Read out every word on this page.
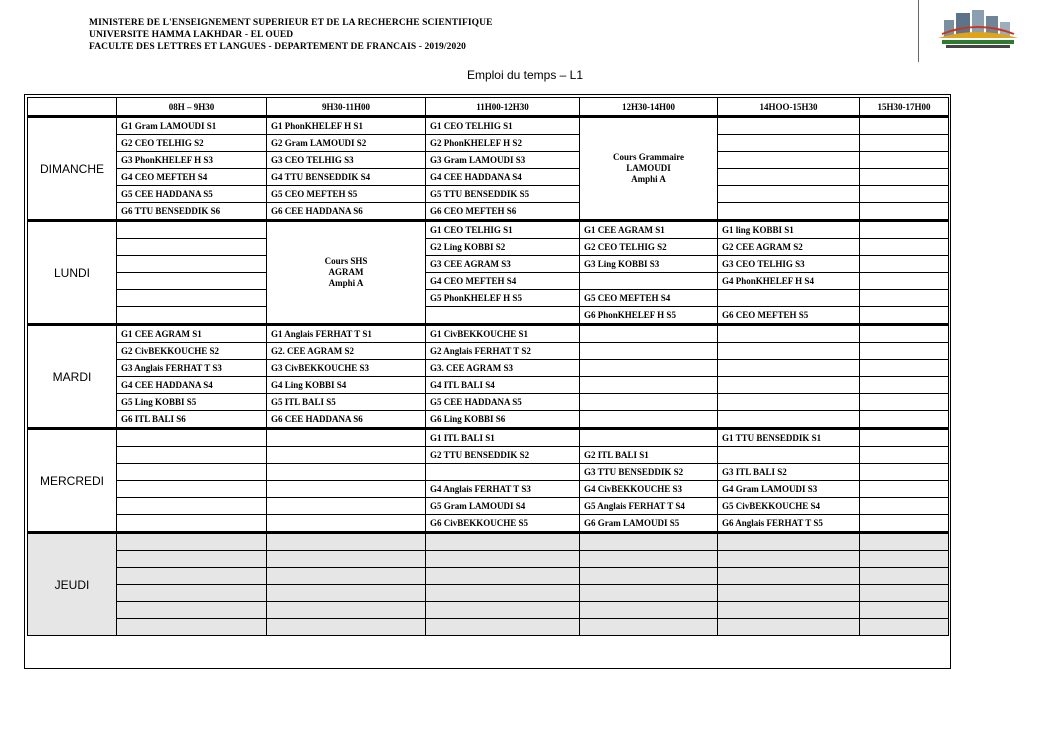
MINISTERE DE L'ENSEIGNEMENT SUPERIEUR ET DE LA RECHERCHE SCIENTIFIQUE
UNIVERSITE HAMMA LAKHDAR - EL OUED
FACULTE DES LETTRES ET LANGUES - DEPARTEMENT DE FRANCAIS - 2019/2020
Emploi du temps – L1
	08H – 9H30	9H30-11H00	11H00-12H30	12H30-14H00	14HOO-15H30	15H30-17H00
DIMANCHE	G1 Gram LAMOUDI S1	G1 PhonKHELEF H S1	G1 CEO TELHIG S1	Cours Grammaire
LAMOUDI
Amphi A		

	G2 CEO TELHIG S2	G2 Gram LAMOUDI S2	G2 PhonKHELEF H S2			
	G3 PhonKHELEF H S3	G3 CEO TELHIG S3	G3 Gram LAMOUDI S3			
	G4 CEO MEFTEH S4	G4 TTU BENSEDDIK S4	G4 CEE HADDANA S4			
	G5 CEE HADDANA S5	G5 CEO MEFTEH S5	G5 TTU BENSEDDIK S5			
	G6 TTU BENSEDDIK S6	G6 CEE HADDANA S6	G6 CEO MEFTEH S6			
LUNDI		Cours SHS
AGRAM
Amphi A	G1 CEO TELHIG S1	G1 CEE AGRAM S1	G1 ling KOBBI S1	
			G2 Ling KOBBI S2	G2 CEO TELHIG S2	G2 CEE AGRAM S2	
			G3 CEE AGRAM S3	G3 Ling KOBBI S3	G3 CEO TELHIG S3	
			G4 CEO MEFTEH S4		G4 PhonKHELEF H S4	
			G5 PhonKHELEF H S5	G5 CEO MEFTEH S4		
				G6 PhonKHELEF H S5	G6 CEO MEFTEH S5	
MARDI	G1 CEE AGRAM S1	G1 Anglais FERHAT T S1	G1 CivBEKKOUCHE S1			
	G2 CivBEKKOUCHE S2	G2. CEE AGRAM S2	G2 Anglais FERHAT T S2			
	G3 Anglais FERHAT T S3	G3 CivBEKKOUCHE S3	G3. CEE AGRAM S3			
	G4 CEE HADDANA S4	G4 Ling KOBBI S4	G4 ITL BALI S4			
	G5 Ling KOBBI S5	G5 ITL BALI S5	G5 CEE HADDANA S5			
	G6 ITL BALI S6	G6 CEE HADDANA S6	G6 Ling KOBBI S6			
MERCREDI			G1 ITL BALI S1		G1 TTU BENSEDDIK S1	
			G2 TTU BENSEDDIK S2	G2 ITL BALI S1		
				G3 TTU BENSEDDIK S2	G3 ITL BALI S2	
			G4 Anglais FERHAT T S3	G4 CivBEKKOUCHE S3	G4 Gram LAMOUDI S3	
			G5 Gram LAMOUDI S4	G5 Anglais FERHAT T S4	G5 CivBEKKOUCHE S4	
			G6 CivBEKKOUCHE S5	G6 Gram LAMOUDI S5	G6 Anglais FERHAT T S5	
JEUDI						
